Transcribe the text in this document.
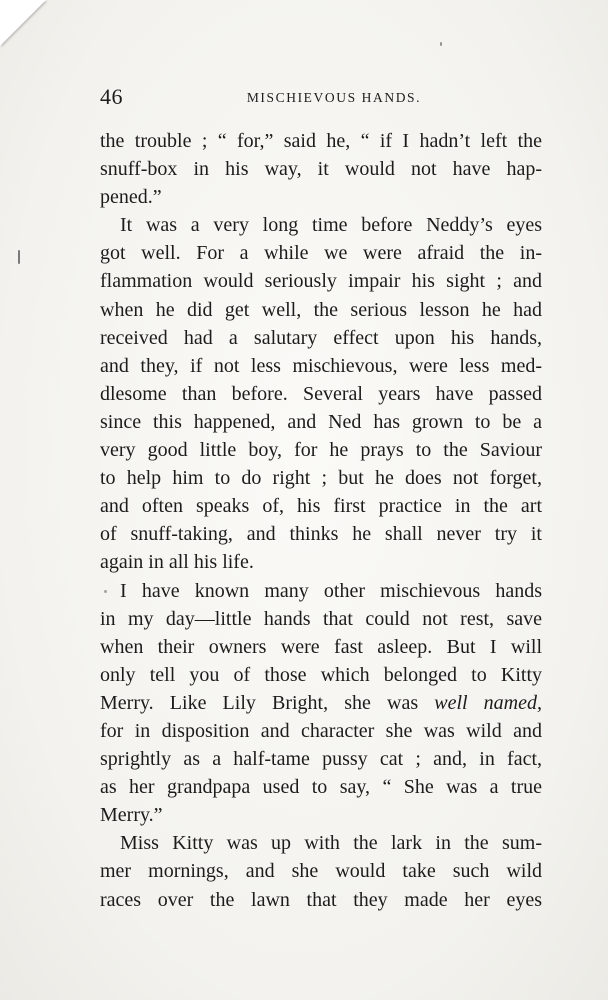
46	MISCHIEVOUS HANDS.
the trouble ; “ for,” said he, “ if I hadn’t left the
snuff-box in his way, it would not have hap-
pened.”
It was a very long time before Neddy’s eyes
got well. For a while we were afraid the in-
flammation would seriously impair his sight ; and
when he did get well, the serious lesson he had
received had a salutary effect upon his hands,
and they, if not less mischievous, were less med-
dlesome than before. Several years have passed
since this happened, and Ned has grown to be a
very good little boy, for he prays to the Saviour
to help him to do right ; but he does not forget,
and often speaks of, his first practice in the art
of snuff-taking, and thinks he shall never try it
again in all his life.
I have known many other mischievous hands
in my day—little hands that could not rest, save
when their owners were fast asleep. But I will
only tell you of those which belonged to Kitty
Merry. Like Lily Bright, she was well named,
for in disposition and character she was wild and
sprightly as a half-tame pussy cat ; and, in fact,
as her grandpapa used to say, “ She was a true
Merry.”
Miss Kitty was up with the lark in the sum-
mer mornings, and she would take such wild
races over the lawn that they made her eyes
